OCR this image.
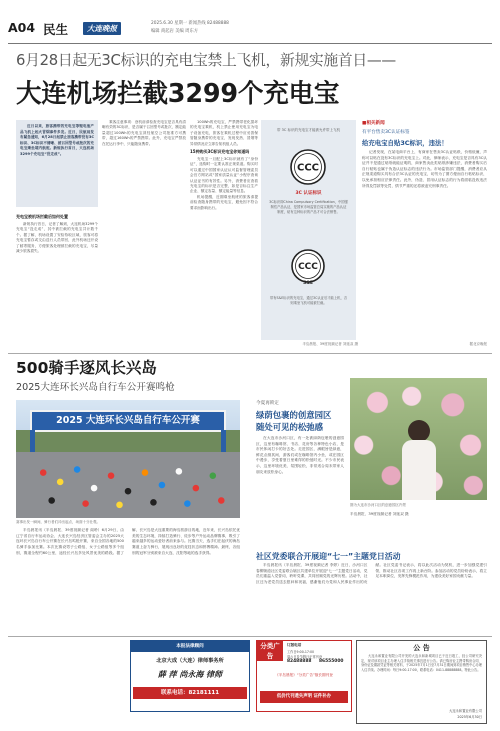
A04 民生	大连晚报
2025.6.30 星期一 新闻热线 82488888
编辑 商起岩 美编 周东方
6月28日起无3C标识的充电宝禁上飞机，新规实施首日——
大连机场拦截3299个充电宝
近日以来，旅客携带的充电宝等锂电池产品飞机上起火冒烟事件多发。近日，民航局发布紧急通知，6月28日起禁止旅客携带没有3C标识、3C标识不清晰、被召回型号或批次的充电宝乘坐境内航班。新规执行首日，大连机场3299个充电宝“没走成”。
充电宝被机场拦截后如何处置

新规执行首日，记者了解到，大连机场3299个充电宝“没走成”，其中被拦截的充电宝共计数千个。据了解，机场设置了安检待取区域，旅客可将充电宝暂存或交由送行人员带回，此外机场还开设了邮寄服务，方便旅客处理被拦截的充电宝，尽量减少旅客损失。

乘客注意事项：登机前请检查充电宝是否具有清晰有效的3C标识，是否属于召回型号或批次，额定能量超过100Wh的充电宝须经航空公司批准方可携带，超过160Wh的严禁携带。此外，充电宝严禁放在托运行李中，只能随身携带。

100Wh的充电宝，严禁携带老化损坏的充电宝乘机，机上禁止使用充电宝为电子设备充电，旅客在乘机过程中应妥善保管随身携带的充电宝，发现发热、冒烟等异常情况应立即告知机组人员。

15种购买3C标识充电宝你知道吗

充电宝一旦配上3C标识就有了“身份证”，选购时一定要认准正规渠道。购买时可以通过中国国家认证认可监督管理委员会官方网站或“国家质量认证”小程序查询认证证书的有效性。另外，消费者应查看充电宝的标识是否完整，如是否标注生产企业、额定容量、额定能量等信息。

机场提醒，近期乘坐航班的旅客请提前检查随身携带的充电宝，避免因不符合要求而影响出行。

带 3C 标识的充电宝才能被允许带上飞机
CCC
3C 认证标识
3C标识即China Compulsory Certification，中国强制性产品认证，是国家市场监管总局实施的产品认证制度，贴有这种标识的产品才可合法销售。
CCC
S&E
带有S&E标识的充电宝，通过3C认证后才能上机，否则乘坐飞机可能被拦截。
半岛晨报、39度视频记者 刘延双 摄
■相关新闻
有平台售卖3C认证标签
给充电宝自贴3C标识，违法！

记者发现，在某电商平台上，有商家在售卖3C认证贴纸，价格低廉，声称可以贴在没有3C标识的充电宝上。对此，律师表示，充电宝是否具有3C认证并不是通过贴纸就能证明的，商家售卖此类贴纸涉嫌违法，消费者购买后自行粘贴也属于伪造认证标志的违法行为。市场监管部门提醒，消费者应从正规渠道购买具有合法3C认证的充电宝，切勿为了图方便而自行粘贴标识，以免承担相应法律责任。此外，伪造、冒用认证标志的行为将面临没收违法所得及罚款等处罚，情节严重的还将被追究刑事责任。

据北京晚报
500骑手逐风长兴岛
2025大连环长兴岛自行车公开赛鸣枪
2025 大连环长兴岛自行车公开赛
赛事出发一瞬间，骑行者们冲出起点，场面十分壮观。

半岛晨报讯（半岛晨报、39度视频记者 阎聆）6月29日，由辽宁省自行车运动协会、大连长兴岛经济区管委会主办的2025大连环长兴岛自行车公开赛在长兴岛鸣枪开赛，来自全国各地的500名骑手参加比赛。本次比赛设男子公路组、女子公路组等多个组别，赛道全程约60公里，途经长兴岛多处风景优美的路段。据了解，长兴岛是大连重要的海岛旅游目的地，近年来，长兴岛依托优美的生态环境，持续打造骑行、徒步等户外运动品牌赛事，吸引了越来越多的运动爱好者前来参与。比赛当天，选手们在起伏的海岛赛道上奋力骑行，展现出良好的竞技状态和拼搏精神。最终，各组别的冠军分别被来自大连、沈阳等地的选手获得。

今夏再锁定
绿荫包裹的创意园区
随处可见的松弛感

在大连市沙河口区，有一处被绿荫包裹的创意园区，这里有咖啡馆、书店、花房等各种特色小店，是市民休闲打卡的好去处。走进园区，满眼皆是绿意，鲜花点缀其间，游客们或在咖啡馆内小坐，或在园区中漫步，享受着夏日里难得的松弛时光。不少市民表示，这里环境优美、氛围轻松，非常适合周末带家人朋友来放松身心。

图为大连市沙河口区的创意园区内景

半岛晨报、39度视频记者 刘延双 摄

社区党委联合开展迎“七一”主题党日活动

半岛晨报讯（半岛晨报、39度视频记者 李婷）近日，沙河口区春柳街道社区党委联合辖区共建单位开展迎“七一”主题党日活动，党员们重温入党誓词，聆听党课，共同回顾党的光辉历程。活动中，社区还为老党员送去慰问和祝福，感谢他们为党和人民事业作出的贡献。社区党委书记表示，将以此次活动为契机，进一步加强党建引领，推动社区各项工作再上新台阶。参加活动的党员纷纷表示，将立足本职岗位，发挥先锋模范作用，为建设美好家园贡献力量。

分类广告
订版电话
工作日9:00-17:00
周六日及节假日正常刊登
82488888 86555000
《半岛晨报》“分类广告”版长期刊登
低价代刊遗失声明 证件补办
本报法律顾问
北京大成（大连）律师事务所
薛 萍 尚永海 律师
联系电话：82181111
公 告

大连永和置业有限公司开发的大连永和新城项目已于近日竣工，经公司研究决定，现对该项目业主办理入住手续相关事宜进行公告。请已购房业主携带购房合同、身份证及缴款凭证等相关材料，于2025年7月1日至7月31日期间到项目销售中心办理入住手续。办理时间：每日9:00-17:00，联系电话：0411-88888888。特此公告。

大连永和置业有限公司
2025年6月30日
